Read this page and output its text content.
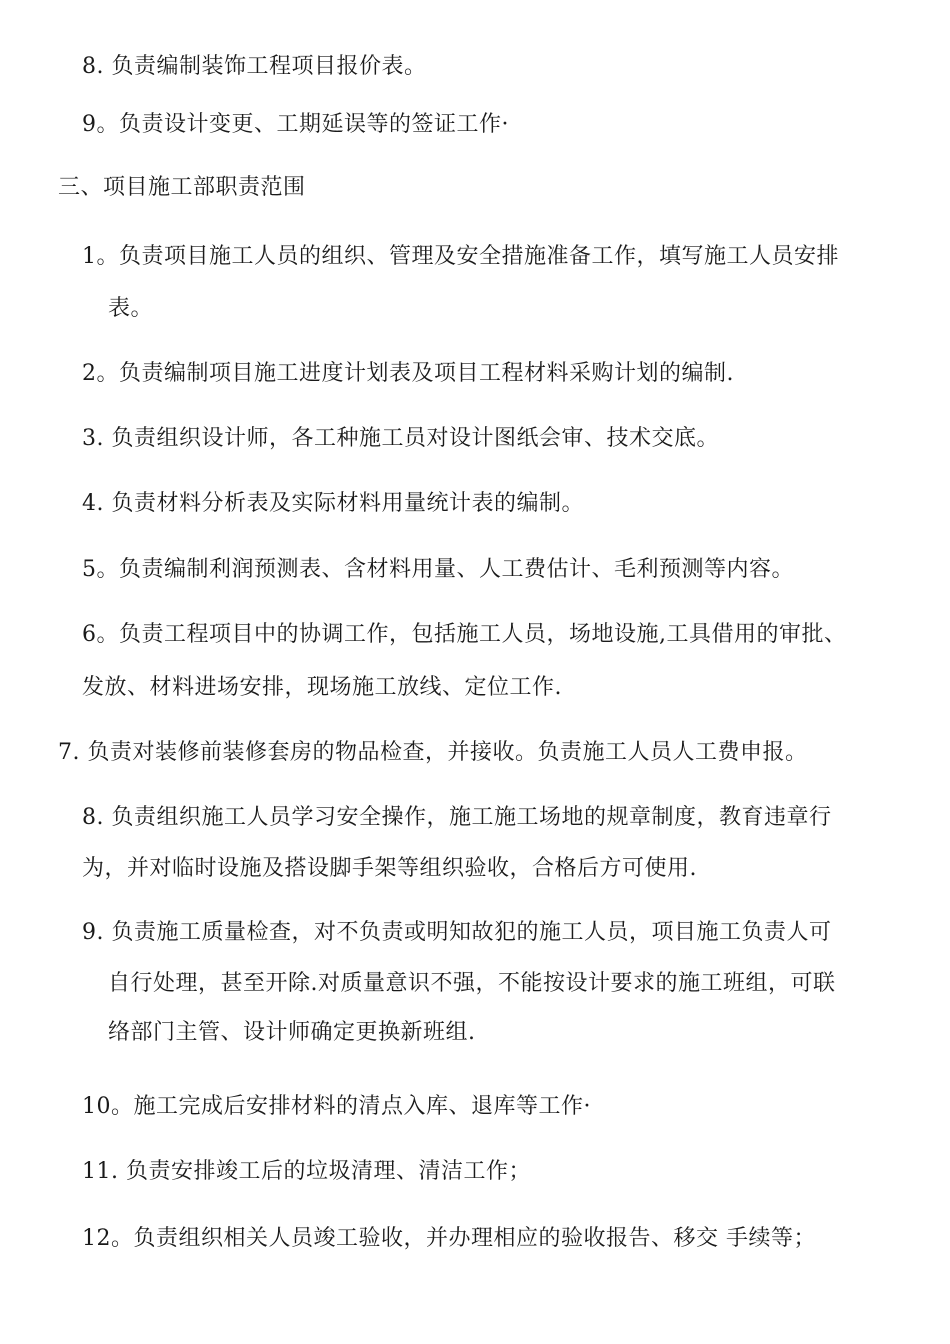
8. 负责编制装饰工程项目报价表。
9。负责设计变更、工期延误等的签证工作·
三、项目施工部职责范围
1。负责项目施工人员的组织、管理及安全措施准备工作，填写施工人员安排
表。
2。负责编制项目施工进度计划表及项目工程材料采购计划的编制.
3. 负责组织设计师，各工种施工员对设计图纸会审、技术交底。
4. 负责材料分析表及实际材料用量统计表的编制。
5。负责编制利润预测表、含材料用量、人工费估计、毛利预测等内容。
6。负责工程项目中的协调工作，包括施工人员，场地设施,工具借用的审批、
发放、材料进场安排，现场施工放线、定位工作.
7. 负责对装修前装修套房的物品检查，并接收。负责施工人员人工费申报。
8. 负责组织施工人员学习安全操作，施工施工场地的规章制度，教育违章行
为，并对临时设施及搭设脚手架等组织验收，合格后方可使用.
9. 负责施工质量检查，对不负责或明知故犯的施工人员，项目施工负责人可
自行处理，甚至开除.对质量意识不强，不能按设计要求的施工班组，可联
络部门主管、设计师确定更换新班组.
10。施工完成后安排材料的清点入库、退库等工作·
11. 负责安排竣工后的垃圾清理、清洁工作；
12。负责组织相关人员竣工验收，并办理相应的验收报告、移交 手续等；
